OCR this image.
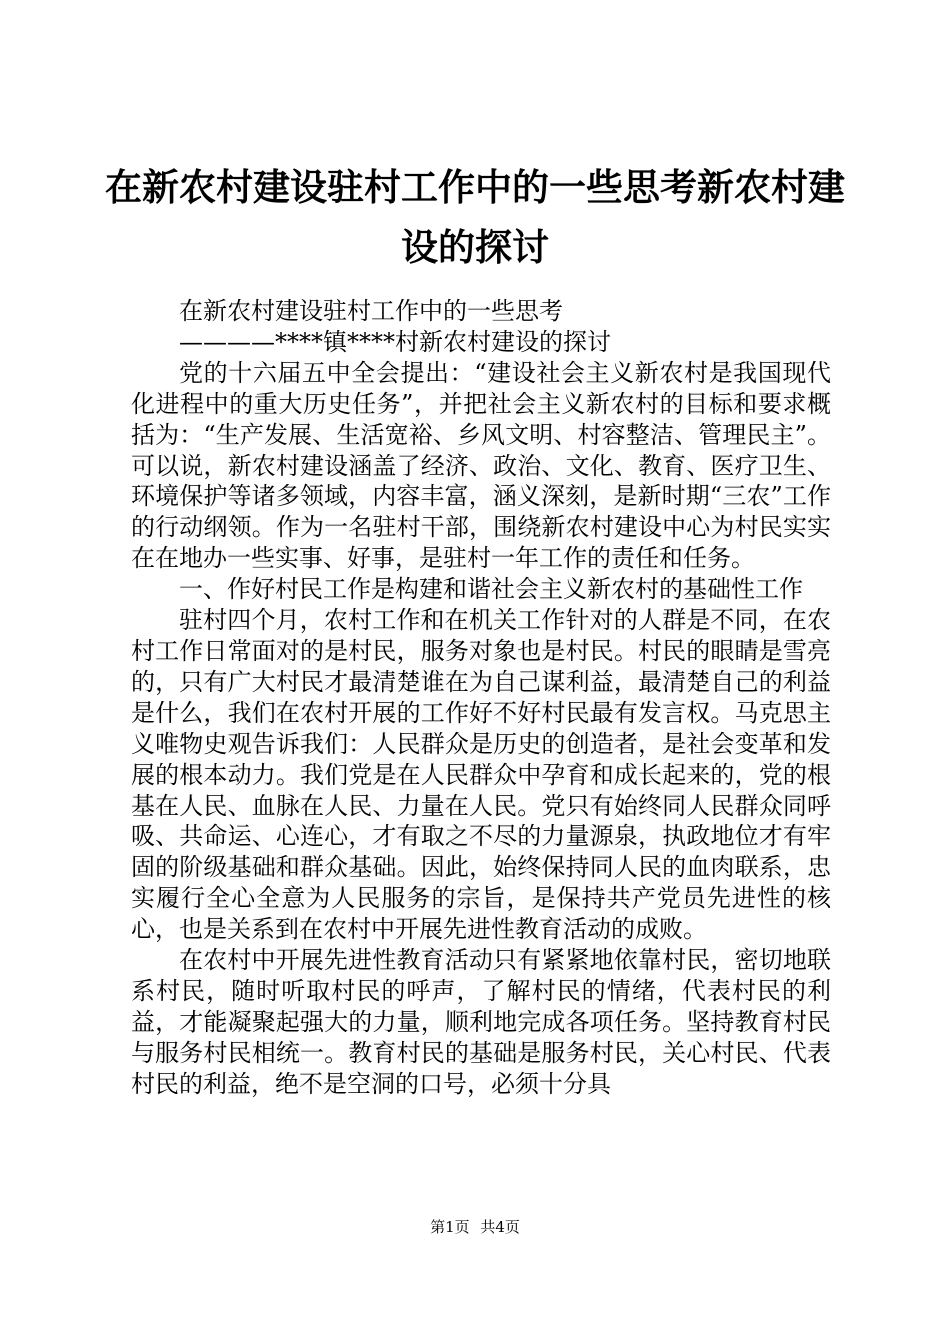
在新农村建设驻村工作中的一些思考新农村建
设的探讨

在新农村建设驻村工作中的一些思考

————****镇****村新农村建设的探讨

党的十六届五中全会提出：“建设社会主义新农村是我国现代化进程中的重大历史任务”，并把社会主义新农村的目标和要求概括为：“生产发展、生活宽裕、乡风文明、村容整洁、管理民主”。可以说，新农村建设涵盖了经济、政治、文化、教育、医疗卫生、环境保护等诸多领域，内容丰富，涵义深刻，是新时期“三农”工作的行动纲领。作为一名驻村干部，围绕新农村建设中心为村民实实在在地办一些实事、好事，是驻村一年工作的责任和任务。

一、作好村民工作是构建和谐社会主义新农村的基础性工作

驻村四个月，农村工作和在机关工作针对的人群是不同，在农村工作日常面对的是村民，服务对象也是村民。村民的眼睛是雪亮的，只有广大村民才最清楚谁在为自己谋利益，最清楚自己的利益是什么，我们在农村开展的工作好不好村民最有发言权。马克思主义唯物史观告诉我们：人民群众是历史的创造者，是社会变革和发展的根本动力。我们党是在人民群众中孕育和成长起来的，党的根基在人民、血脉在人民、力量在人民。党只有始终同人民群众同呼吸、共命运、心连心，才有取之不尽的力量源泉，执政地位才有牢固的阶级基础和群众基础。因此，始终保持同人民的血肉联系，忠实履行全心全意为人民服务的宗旨，是保持共产党员先进性的核心，也是关系到在农村中开展先进性教育活动的成败。

在农村中开展先进性教育活动只有紧紧地依靠村民，密切地联系村民，随时听取村民的呼声，了解村民的情绪，代表村民的利益，才能凝聚起强大的力量，顺利地完成各项任务。坚持教育村民与服务村民相统一。教育村民的基础是服务村民，关心村民、代表村民的利益，绝不是空洞的口号，必须十分具

第1页 共4页
